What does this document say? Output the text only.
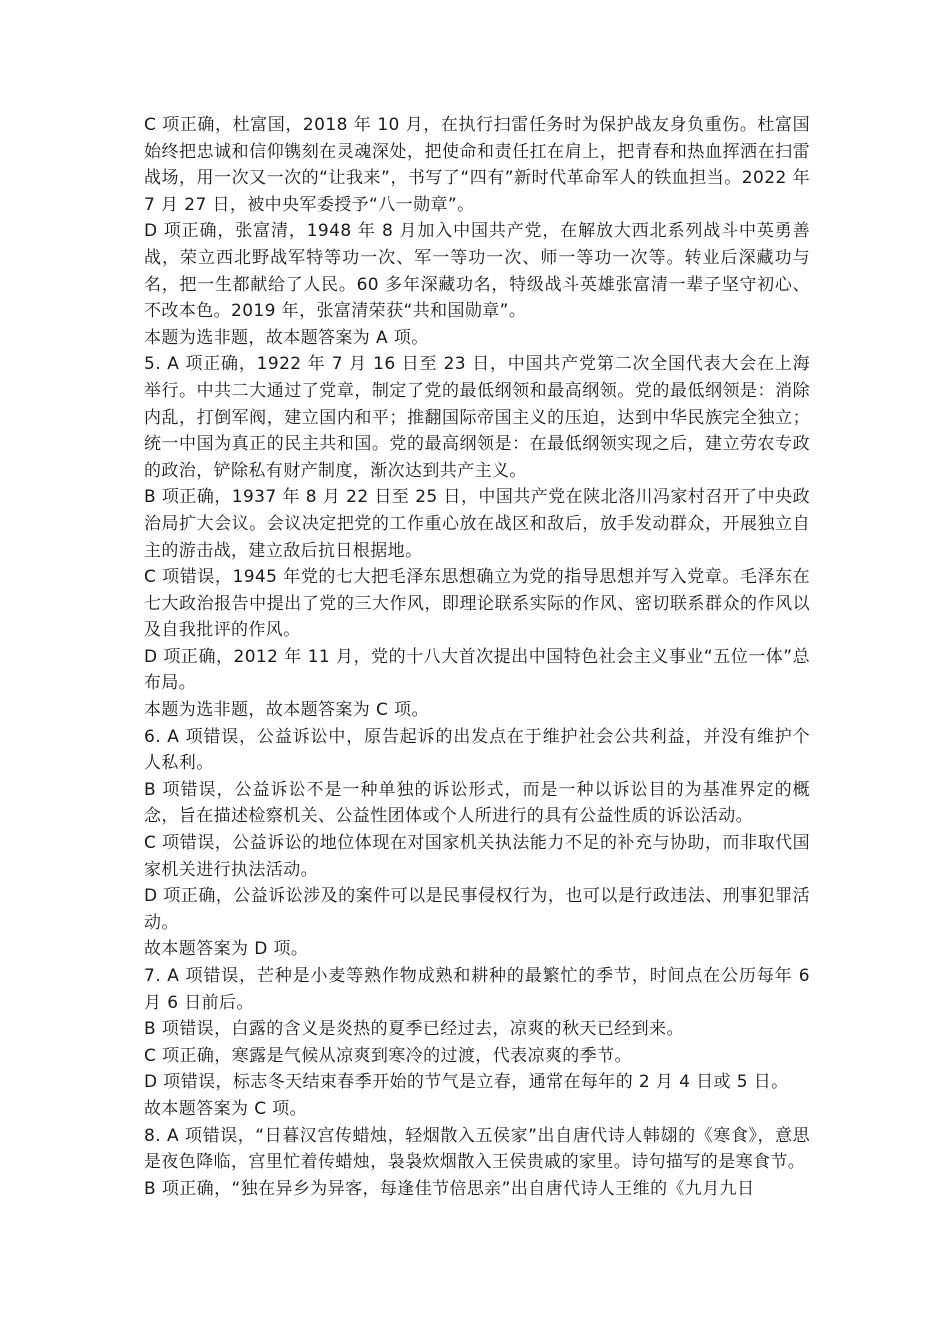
C 项正确，杜富国，2018 年 10 月，在执行扫雷任务时为保护战友身负重伤。杜富国始终把忠诚和信仰镌刻在灵魂深处，把使命和责任扛在肩上，把青春和热血挥洒在扫雷战场，用一次又一次的“让我来”，书写了“四有”新时代革命军人的铁血担当。2022 年 7 月 27 日，被中央军委授予“八一勋章”。

D 项正确，张富清，1948 年 8 月加入中国共产党，在解放大西北系列战斗中英勇善战，荣立西北野战军特等功一次、军一等功一次、师一等功一次等。转业后深藏功与名，把一生都献给了人民。60 多年深藏功名，特级战斗英雄张富清一辈子坚守初心、不改本色。2019 年，张富清荣获“共和国勋章”。

本题为选非题，故本题答案为 A 项。

5. A 项正确，1922 年 7 月 16 日至 23 日，中国共产党第二次全国代表大会在上海举行。中共二大通过了党章，制定了党的最低纲领和最高纲领。党的最低纲领是：消除内乱，打倒军阀，建立国内和平；推翻国际帝国主义的压迫，达到中华民族完全独立；统一中国为真正的民主共和国。党的最高纲领是：在最低纲领实现之后，建立劳农专政的政治，铲除私有财产制度，渐次达到共产主义。

B 项正确，1937 年 8 月 22 日至 25 日，中国共产党在陕北洛川冯家村召开了中央政治局扩大会议。会议决定把党的工作重心放在战区和敌后，放手发动群众，开展独立自主的游击战，建立敌后抗日根据地。

C 项错误，1945 年党的七大把毛泽东思想确立为党的指导思想并写入党章。毛泽东在七大政治报告中提出了党的三大作风，即理论联系实际的作风、密切联系群众的作风以及自我批评的作风。

D 项正确，2012 年 11 月，党的十八大首次提出中国特色社会主义事业“五位一体”总布局。

本题为选非题，故本题答案为 C 项。

6. A 项错误，公益诉讼中，原告起诉的出发点在于维护社会公共利益，并没有维护个人私利。

B 项错误，公益诉讼不是一种单独的诉讼形式，而是一种以诉讼目的为基准界定的概念，旨在描述检察机关、公益性团体或个人所进行的具有公益性质的诉讼活动。

C 项错误，公益诉讼的地位体现在对国家机关执法能力不足的补充与协助，而非取代国家机关进行执法活动。

D 项正确，公益诉讼涉及的案件可以是民事侵权行为，也可以是行政违法、刑事犯罪活动。

故本题答案为 D 项。

7. A 项错误，芒种是小麦等熟作物成熟和耕种的最繁忙的季节，时间点在公历每年 6 月 6 日前后。

B 项错误，白露的含义是炎热的夏季已经过去，凉爽的秋天已经到来。

C 项正确，寒露是气候从凉爽到寒冷的过渡，代表凉爽的季节。

D 项错误，标志冬天结束春季开始的节气是立春，通常在每年的 2 月 4 日或 5 日。

故本题答案为 C 项。

8. A 项错误，“日暮汉宫传蜡烛，轻烟散入五侯家”出自唐代诗人韩翃的《寒食》，意思是夜色降临，宫里忙着传蜡烛，袅袅炊烟散入王侯贵戚的家里。诗句描写的是寒食节。

B 项正确，“独在异乡为异客，每逢佳节倍思亲”出自唐代诗人王维的《九月九日
